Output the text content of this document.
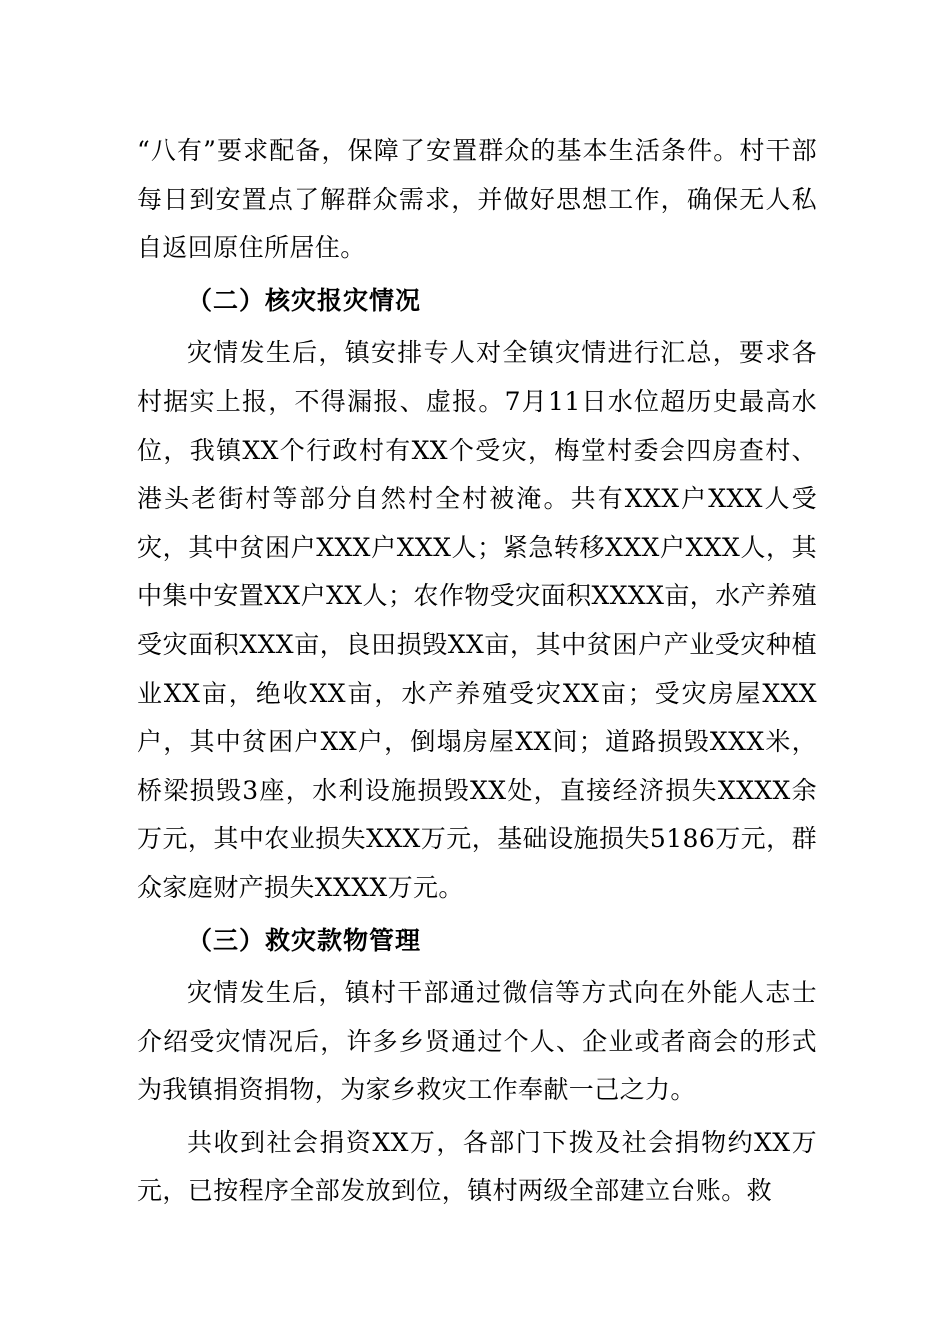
“八有”要求配备，保障了安置群众的基本生活条件。村干部每日到安置点了解群众需求，并做好思想工作，确保无人私自返回原住所居住。

（二）核灾报灾情况

灾情发生后，镇安排专人对全镇灾情进行汇总，要求各村据实上报，不得漏报、虚报。7月11日水位超历史最高水位，我镇XX个行政村有XX个受灾，梅堂村委会四房查村、港头老街村等部分自然村全村被淹。共有XXX户XXX人受灾，其中贫困户XXX户XXX人；紧急转移XXX户XXX人，其中集中安置XX户XX人；农作物受灾面积XXXX亩，水产养殖受灾面积XXX亩，良田损毁XX亩，其中贫困户产业受灾种植业XX亩，绝收XX亩，水产养殖受灾XX亩；受灾房屋XXX户，其中贫困户XX户，倒塌房屋XX间；道路损毁XXX米，桥梁损毁3座，水利设施损毁XX处，直接经济损失XXXX余万元，其中农业损失XXX万元，基础设施损失5186万元，群众家庭财产损失XXXX万元。

（三）救灾款物管理

灾情发生后，镇村干部通过微信等方式向在外能人志士介绍受灾情况后，许多乡贤通过个人、企业或者商会的形式为我镇捐资捐物，为家乡救灾工作奉献一己之力。

共收到社会捐资XX万，各部门下拨及社会捐物约XX万元，已按程序全部发放到位，镇村两级全部建立台账。救
